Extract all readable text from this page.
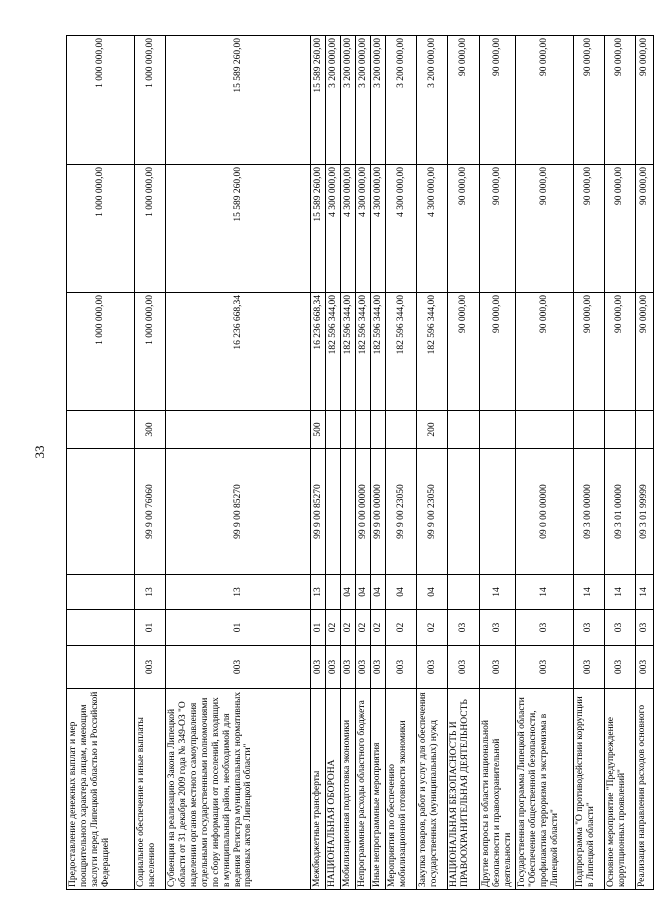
33
Предоставление денежных выплат и мер поощрительного характера лицам, имеющим заслуги перед Липецкой областью и Российской Федерацией						1 000 000,00	1 000 000,00	1 000 000,00
Социальное обеспечение и иные выплаты населению	003	01	13	99 9 00 76060	300	1 000 000,00	1 000 000,00	1 000 000,00
Субвенция на реализацию Закона Липецкой области от 31 декабря 2009 года № 349-ОЗ "О наделении органов местного самоуправления отдельными государственными полномочиями по сбору информации от поселений, входящих в муниципальный район, необходимой для ведения Регистра муниципальных нормативных правовых актов Липецкой области"	003	01	13	99 9 00 85270		16 236 668,34	15 589 260,00	15 589 260,00
Межбюджетные трансферты	003	01	13	99 9 00 85270	500	16 236 668,34	15 589 260,00	15 589 260,00
НАЦИОНАЛЬНАЯ ОБОРОНА	003	02				182 596 344,00	4 300 000,00	3 200 000,00
Мобилизационная подготовка экономики	003	02	04			182 596 344,00	4 300 000,00	3 200 000,00
Непрограммные расходы областного бюджета	003	02	04	99 0 00 00000		182 596 344,00	4 300 000,00	3 200 000,00
Иные непрограммные мероприятия	003	02	04	99 9 00 00000		182 596 344,00	4 300 000,00	3 200 000,00
Мероприятия по обеспечению мобилизационной готовности экономики	003	02	04	99 9 00 23050		182 596 344,00	4 300 000,00	3 200 000,00
Закупка товаров, работ и услуг для обеспечения государственных (муниципальных) нужд	003	02	04	99 9 00 23050	200	182 596 344,00	4 300 000,00	3 200 000,00
НАЦИОНАЛЬНАЯ БЕЗОПАСНОСТЬ И ПРАВООХРАНИТЕЛЬНАЯ ДЕЯТЕЛЬНОСТЬ	003	03				90 000,00	90 000,00	90 000,00
Другие вопросы в области национальной безопасности и правоохранительной деятельности	003	03	14			90 000,00	90 000,00	90 000,00
Государственная программа Липецкой области "Обеспечение общественной безопасности, профилактика терроризма и экстремизма в Липецкой области"	003	03	14	09 0 00 00000		90 000,00	90 000,00	90 000,00
Подпрограмма "О противодействии коррупции в Липецкой области"	003	03	14	09 3 00 00000		90 000,00	90 000,00	90 000,00
Основное мероприятие "Предупреждение коррупционных проявлений"	003	03	14	09 3 01 00000		90 000,00	90 000,00	90 000,00
Реализация направления расходов основного	003	03	14	09 3 01 99999		90 000,00	90 000,00	90 000,00
